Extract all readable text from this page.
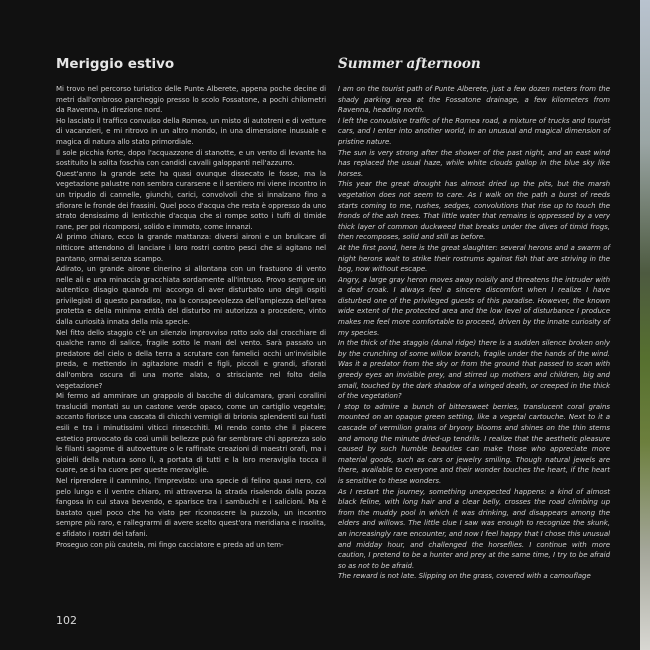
Meriggio estivo

Mi trovo nel percorso turistico delle Punte Alberete, appena poche decine di metri dall'ombroso parcheggio presso lo scolo Fossatone, a pochi chilometri da Ravenna, in direzione nord.

Ho lasciato il traffico convulso della Romea, un misto di autotreni e di vetture di vacanzieri, e mi ritrovo in un altro mondo, in una dimensione inusuale e magica di natura allo stato primordiale.

Il sole picchia forte, dopo l'acquazzone di stanotte, e un vento di levante ha sostituito la solita foschia con candidi cavalli galoppanti nell'azzurro.

Quest'anno la grande sete ha quasi ovunque dissecato le fosse, ma la vegetazione palustre non sembra curarsene e il sentiero mi viene incontro in un tripudio di cannelle, giunchi, carici, convolvoli che si innalzano fino a sfiorare le fronde dei frassini. Quel poco d'acqua che resta è oppresso da uno strato densissimo di lenticchie d'acqua che si rompe sotto i tuffi di timide rane, per poi ricomporsi, solido e immoto, come innanzi.

Al primo chiaro, ecco la grande mattanza: diversi aironi e un brulicare di nitticore attendono di lanciare i loro rostri contro pesci che si agitano nel pantano, ormai senza scampo.

Adirato, un grande airone cinerino si allontana con un frastuono di vento nelle ali e una minaccia gracchiata sordamente all'intruso. Provo sempre un autentico disagio quando mi accorgo di aver disturbato uno degli ospiti privilegiati di questo paradiso, ma la consapevolezza dell'ampiezza dell'area protetta e della minima entità del disturbo mi autorizza a procedere, vinto dalla curiosità innata della mia specie.

Nel fitto dello staggio c'è un silenzio improvviso rotto solo dal crocchiare di qualche ramo di salice, fragile sotto le mani del vento. Sarà passato un predatore del cielo o della terra a scrutare con famelici occhi un'invisibile preda, e mettendo in agitazione madri e figli, piccoli e grandi, sfiorati dall'ombra oscura di una morte alata, o strisciante nel folto della vegetazione?

Mi fermo ad ammirare un grappolo di bacche di dulcamara, grani corallini traslucidi montati su un castone verde opaco, come un cartiglio vegetale; accanto fiorisce una cascata di chicchi vermigli di brionia splendenti sui fusti esili e tra i minutissimi viticci rinsecchiti. Mi rendo conto che il piacere estetico provocato da così umili bellezze può far sembrare chi apprezza solo le filanti sagome di autovetture o le raffinate creazioni di maestri orafi, ma i gioielli della natura sono lì, a portata di tutti e la loro meraviglia tocca il cuore, se si ha cuore per queste meraviglie.

Nel riprendere il cammino, l'imprevisto: una specie di felino quasi nero, col pelo lungo e il ventre chiaro, mi attraversa la strada risalendo dalla pozza fangosa in cui stava bevendo, e sparisce tra i sambuchi e i salicioni. Ma è bastato quel poco che ho visto per riconoscere la puzzola, un incontro sempre più raro, e rallegrarmi di avere scelto quest'ora meridiana e insolita, e sfidato i rostri dei tafani.

Proseguo con più cautela, mi fingo cacciatore e preda ad un tem-

Summer afternoon

I am on the tourist path of Punte Alberete, just a few dozen meters from the shady parking area at the Fossatone drainage, a few kilometers from Ravenna, heading north.

I left the convulsive traffic of the Romea road, a mixture of trucks and tourist cars, and I enter into another world, in an unusual and magical dimension of pristine nature.

The sun is very strong after the shower of the past night, and an east wind has replaced the usual haze, while white clouds gallop in the blue sky like horses.

This year the great drought has almost dried up the pits, but the marsh vegetation does not seem to care. As I walk on the path a burst of reeds starts coming to me, rushes, sedges, convolutions that rise up to touch the fronds of the ash trees. That little water that remains is oppressed by a very thick layer of common duckweed that breaks under the dives of timid frogs, then recomposes, solid and still as before.

At the first pond, here is the great slaughter: several herons and a swarm of night herons wait to strike their rostrums against fish that are striving in the bog, now without escape.

Angry, a large gray heron moves away noisily and threatens the intruder with a deaf croak. I always feel a sincere discomfort when I realize I have disturbed one of the privileged guests of this paradise. However, the known wide extent of the protected area and the low level of disturbance I produce makes me feel more comfortable to proceed, driven by the innate curiosity of my species.

In the thick of the staggio (dunal ridge) there is a sudden silence broken only by the crunching of some willow branch, fragile under the hands of the wind. Was it a predator from the sky or from the ground that passed to scan with greedy eyes an invisible prey, and stirred up mothers and children, big and small, touched by the dark shadow of a winged death, or creeped in the thick of the vegetation?

I stop to admire a bunch of bittersweet berries, translucent coral grains mounted on an opaque green setting, like a vegetal cartouche. Next to it a cascade of vermilion grains of bryony blooms and shines on the thin stems and among the minute dried-up tendrils. I realize that the aesthetic pleasure caused by such humble beauties can make those who appreciate more material goods, such as cars or jewelry smiling. Though natural jewels are there, available to everyone and their wonder touches the heart, if the heart is sensitive to these wonders.

As I restart the journey, something unexpected happens: a kind of almost black feline, with long hair and a clear belly, crosses the road climbing up from the muddy pool in which it was drinking, and disappears among the elders and willows. The little clue I saw was enough to recognize the skunk, an increasingly rare encounter, and now I feel happy that I chose this unusual and midday hour, and challenged the horseflies. I continue with more caution, I pretend to be a hunter and prey at the same time, I try to be afraid so as not to be afraid.

The reward is not late. Slipping on the grass, covered with a camouflage

102
